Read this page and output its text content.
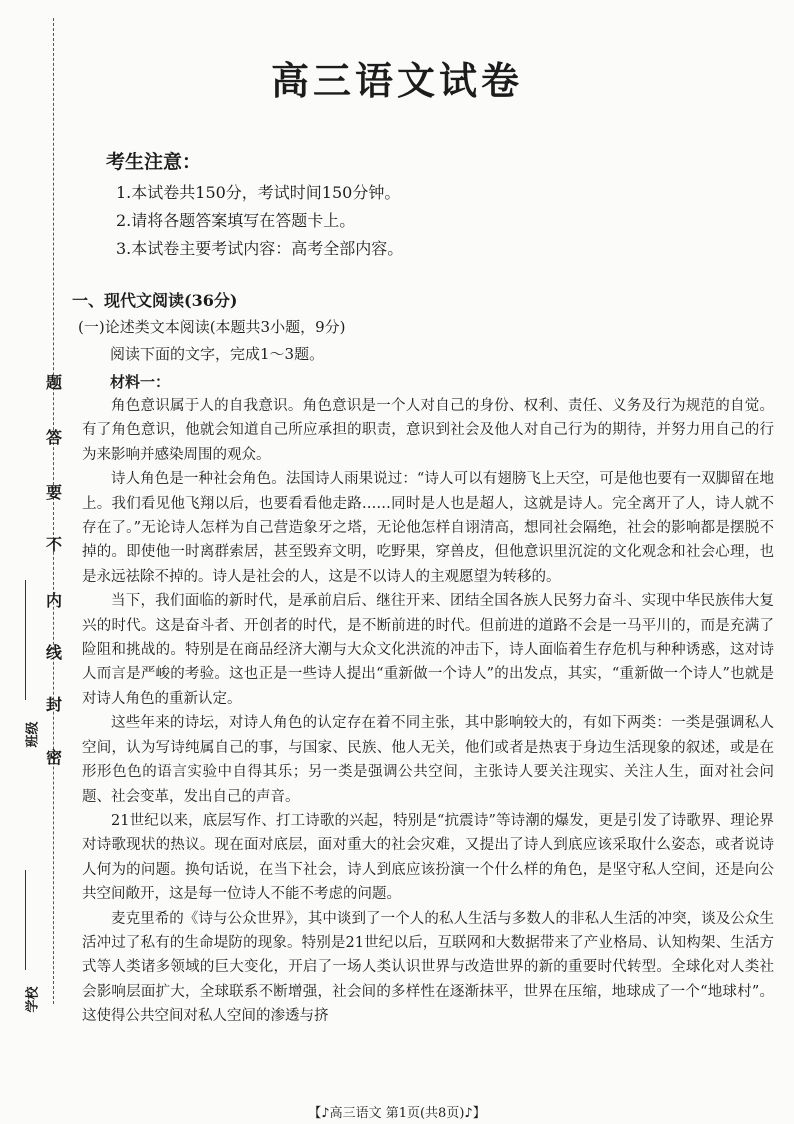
题
答
要
不
内
线
封
密
班级
学校
高三语文试卷
考生注意：
1.本试卷共150分，考试时间150分钟。
2.请将各题答案填写在答题卡上。
3.本试卷主要考试内容：高考全部内容。
一、现代文阅读(36分)
(一)论述类文本阅读(本题共3小题，9分)
阅读下面的文字，完成1～3题。
材料一：

角色意识属于人的自我意识。角色意识是一个人对自己的身份、权利、责任、义务及行为规范的自觉。有了角色意识，他就会知道自己所应承担的职责，意识到社会及他人对自己行为的期待，并努力用自己的行为来影响并感染周围的观众。

诗人角色是一种社会角色。法国诗人雨果说过：“诗人可以有翅膀飞上天空，可是他也要有一双脚留在地上。我们看见他飞翔以后，也要看看他走路……同时是人也是超人，这就是诗人。完全离开了人，诗人就不存在了。”无论诗人怎样为自己营造象牙之塔，无论他怎样自诩清高，想同社会隔绝，社会的影响都是摆脱不掉的。即使他一时离群索居，甚至毁弃文明，吃野果，穿兽皮，但他意识里沉淀的文化观念和社会心理，也是永远祛除不掉的。诗人是社会的人，这是不以诗人的主观愿望为转移的。

当下，我们面临的新时代，是承前启后、继往开来、团结全国各族人民努力奋斗、实现中华民族伟大复兴的时代。这是奋斗者、开创者的时代，是不断前进的时代。但前进的道路不会是一马平川的，而是充满了险阻和挑战的。特别是在商品经济大潮与大众文化洪流的冲击下，诗人面临着生存危机与种种诱惑，这对诗人而言是严峻的考验。这也正是一些诗人提出“重新做一个诗人”的出发点，其实，“重新做一个诗人”也就是对诗人角色的重新认定。

这些年来的诗坛，对诗人角色的认定存在着不同主张，其中影响较大的，有如下两类：一类是强调私人空间，认为写诗纯属自己的事，与国家、民族、他人无关，他们或者是热衷于身边生活现象的叙述，或是在形形色色的语言实验中自得其乐；另一类是强调公共空间，主张诗人要关注现实、关注人生，面对社会问题、社会变革，发出自己的声音。

21世纪以来，底层写作、打工诗歌的兴起，特别是“抗震诗”等诗潮的爆发，更是引发了诗歌界、理论界对诗歌现状的热议。现在面对底层，面对重大的社会灾难，又提出了诗人到底应该采取什么姿态，或者说诗人何为的问题。换句话说，在当下社会，诗人到底应该扮演一个什么样的角色，是坚守私人空间，还是向公共空间敞开，这是每一位诗人不能不考虑的问题。

麦克里希的《诗与公众世界》，其中谈到了一个人的私人生活与多数人的非私人生活的冲突，谈及公众生活冲过了私有的生命堤防的现象。特别是21世纪以后，互联网和大数据带来了产业格局、认知构架、生活方式等人类诸多领域的巨大变化，开启了一场人类认识世界与改造世界的新的重要时代转型。全球化对人类社会影响层面扩大，全球联系不断增强，社会间的多样性在逐渐抹平，世界在压缩，地球成了一个“地球村”。这使得公共空间对私人空间的渗透与挤

【♪高三语文 第1页(共8页)♪】
